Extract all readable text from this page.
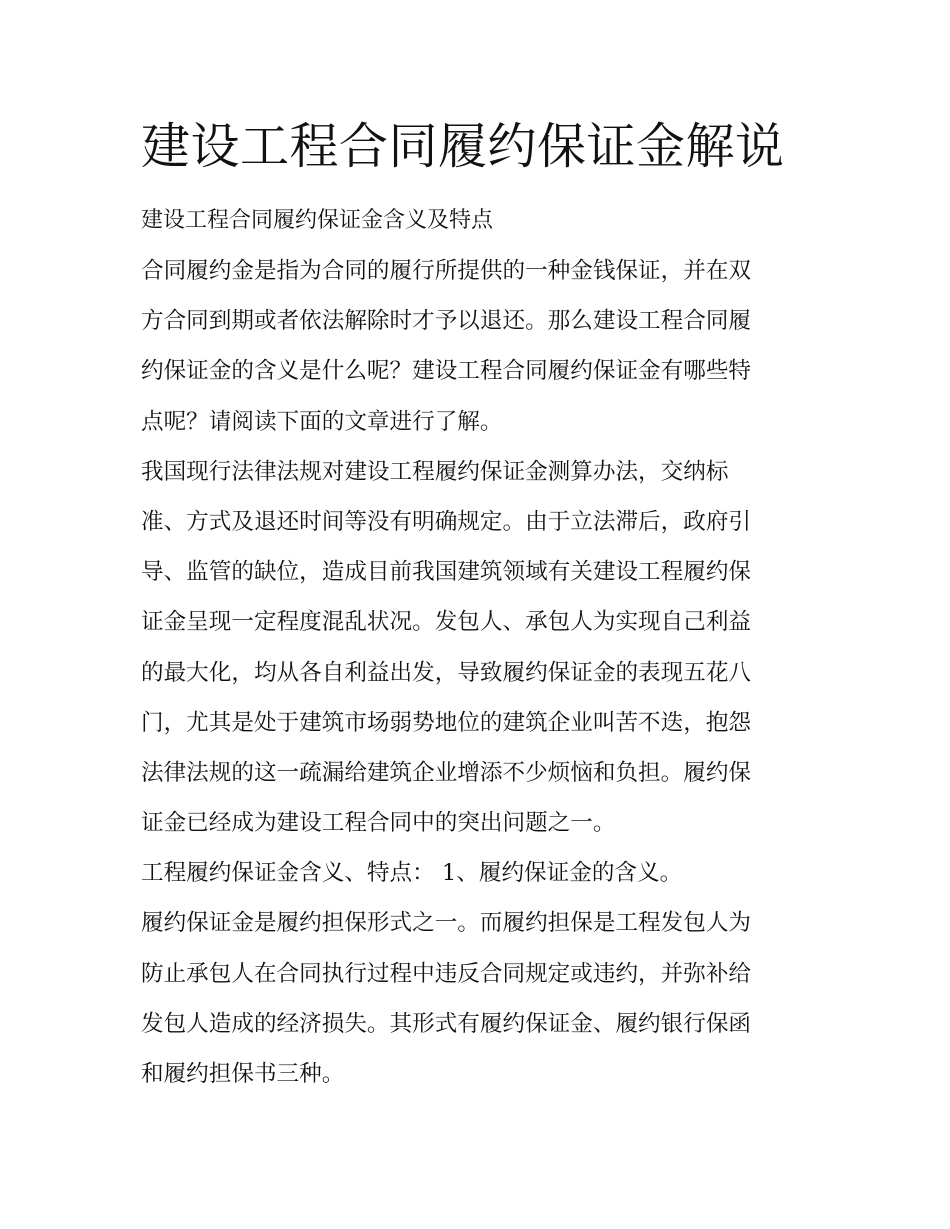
建设工程合同履约保证金解说
建设工程合同履约保证金含义及特点

合同履约金是指为合同的履行所提供的一种金钱保证，并在双
方合同到期或者依法解除时才予以退还。那么建设工程合同履
约保证金的含义是什么呢？建设工程合同履约保证金有哪些特
点呢？请阅读下面的文章进行了解。

我国现行法律法规对建设工程履约保证金测算办法，交纳标
准、方式及退还时间等没有明确规定。由于立法滞后，政府引
导、监管的缺位，造成目前我国建筑领域有关建设工程履约保
证金呈现一定程度混乱状况。发包人、承包人为实现自己利益
的最大化，均从各自利益出发，导致履约保证金的表现五花八
门，尤其是处于建筑市场弱势地位的建筑企业叫苦不迭，抱怨
法律法规的这一疏漏给建筑企业增添不少烦恼和负担。履约保
证金已经成为建设工程合同中的突出问题之一。

工程履约保证金含义、特点： 1、履约保证金的含义。

履约保证金是履约担保形式之一。而履约担保是工程发包人为
防止承包人在合同执行过程中违反合同规定或违约，并弥补给
发包人造成的经济损失。其形式有履约保证金、履约银行保函
和履约担保书三种。
